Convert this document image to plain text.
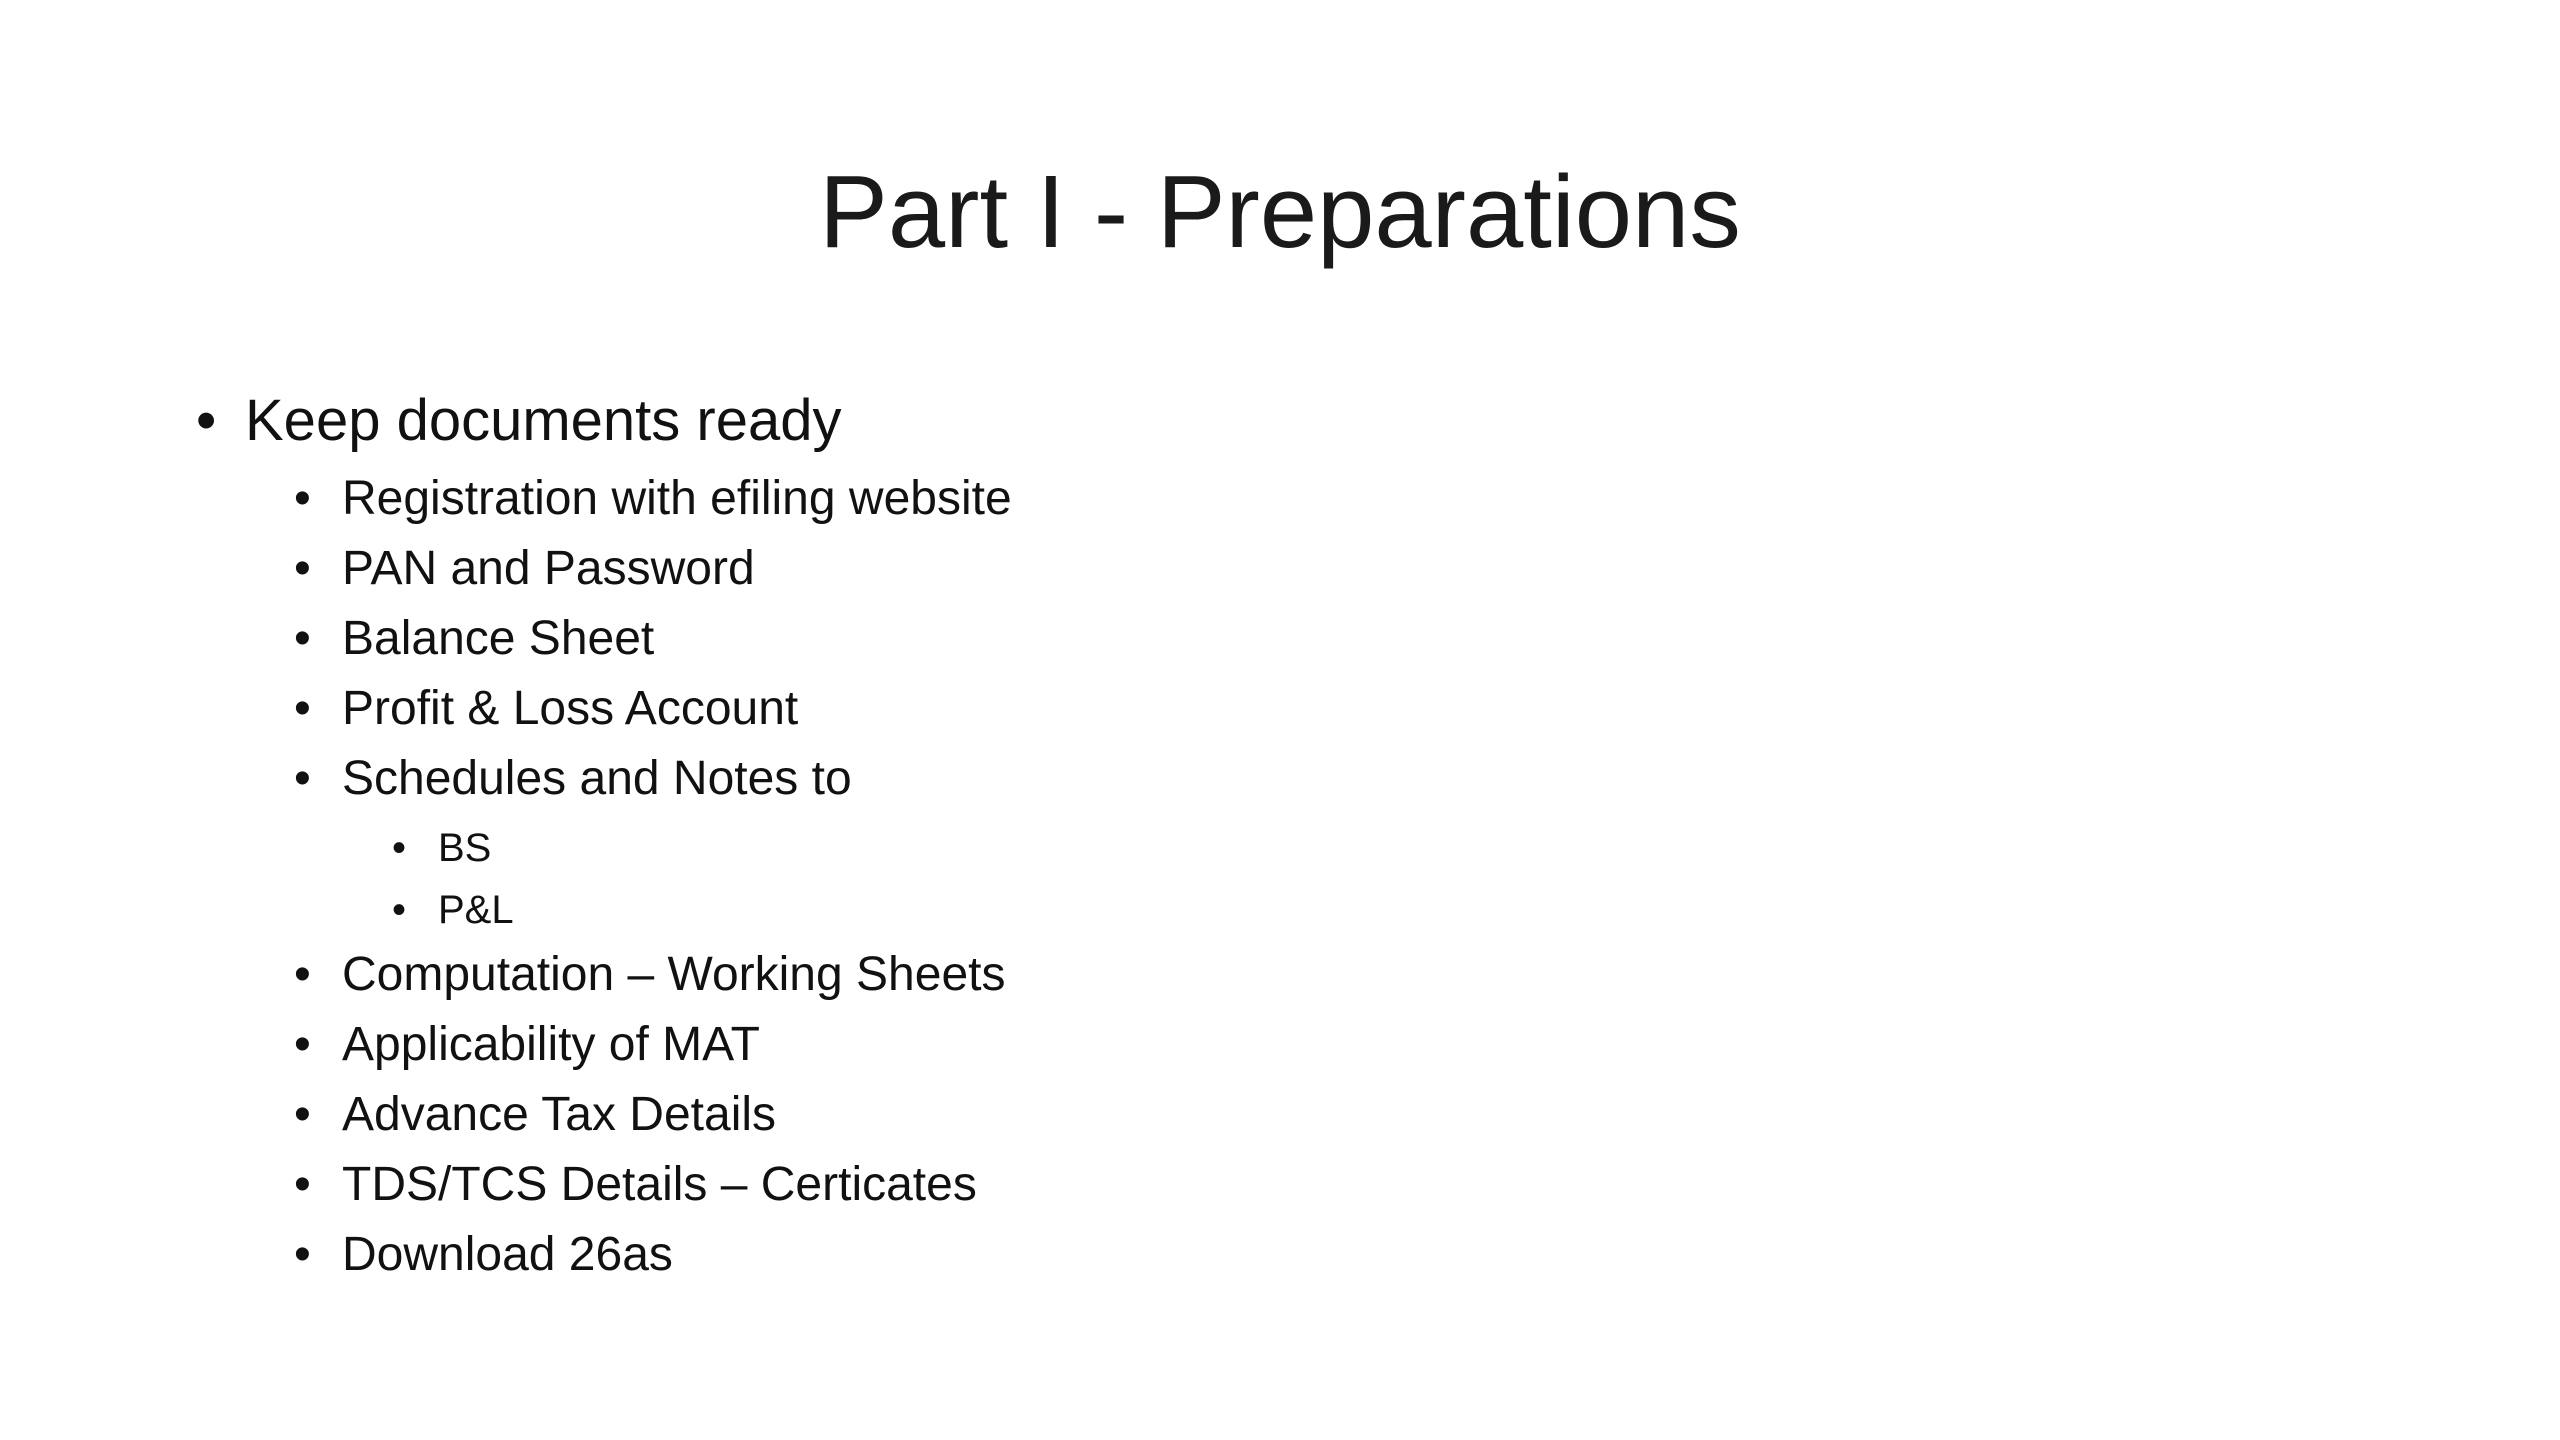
Part I - Preparations
• Keep documents ready
• Registration with efiling website
• PAN and Password
• Balance Sheet
• Profit & Loss Account
• Schedules and Notes to
• BS
• P&L
• Computation – Working Sheets
• Applicability of MAT
• Advance Tax Details
• TDS/TCS Details – Certicates
• Download 26as
